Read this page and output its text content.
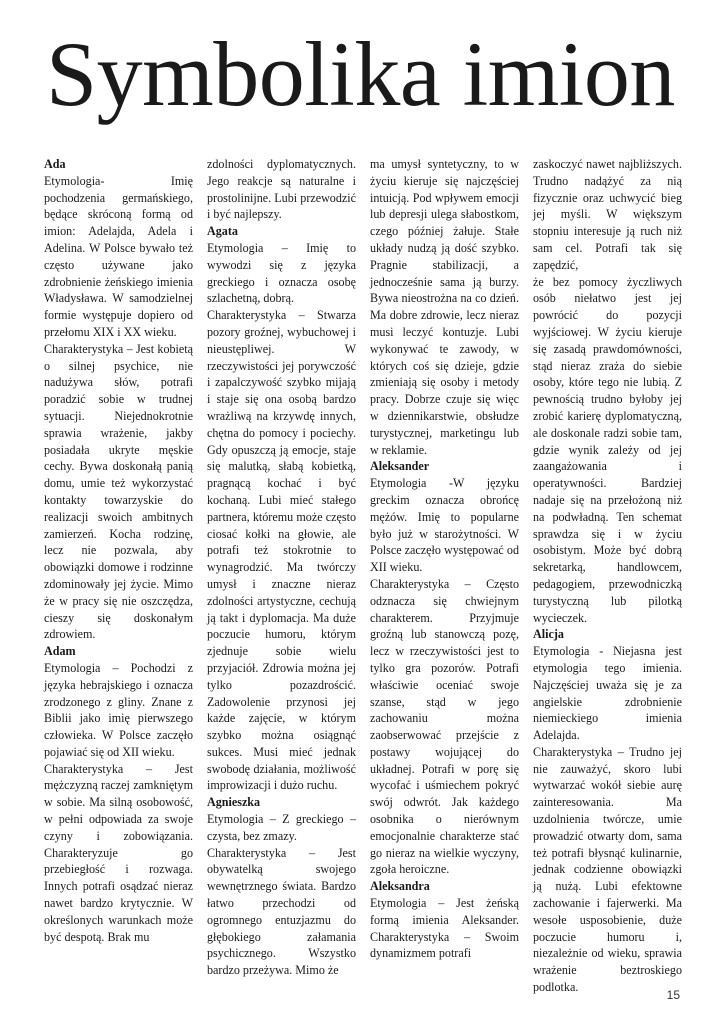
Symbolika imion
Ada

Etymologia- Imię pochodzenia germańskiego, będące skróconą formą od imion: Adelajda, Adela i Adelina. W Polsce bywało też często używane jako zdrobnienie żeńskiego imienia Władysława. W samodzielnej formie występuje dopiero od przełomu XIX i XX wieku.

Charakterystyka – Jest kobietą o silnej psychice, nie nadużywa słów, potrafi poradzić sobie w trudnej sytuacji. Niejednokrotnie sprawia wrażenie, jakby posiadała ukryte męskie cechy. Bywa doskonałą panią domu, umie też wykorzystać kontakty towarzyskie do realizacji swoich ambitnych zamierzeń. Kocha rodzinę, lecz nie pozwala, aby obowiązki domowe i rodzinne zdominowały jej życie. Mimo że w pracy się nie oszczędza, cieszy się doskonałym zdrowiem.

Adam

Etymologia – Pochodzi z języka hebrajskiego i oznacza zrodzonego z gliny. Znane z Biblii jako imię pierwszego człowieka. W Polsce zaczęło pojawiać się od XII wieku.

Charakterystyka – Jest mężczyzną raczej zamkniętym w sobie. Ma silną osobowość, w pełni odpowiada za swoje czyny i zobowiązania. Charakteryzuje go przebiegłość i rozwaga. Innych potrafi osądzać nieraz nawet bardzo krytycznie. W określonych warunkach może być despotą. Brak mu

zdolności dyplomatycznych. Jego reakcje są naturalne i prostolinijne. Lubi przewodzić i być najlepszy.

Agata

Etymologia – Imię to wywodzi się z języka greckiego i oznacza osobę szlachetną, dobrą.

Charakterystyka – Stwarza pozory groźnej, wybuchowej i nieustępliwej. W rzeczywistości jej porywczość i zapalczywość szybko mijają i staje się ona osobą bardzo wrażliwą na krzywdę innych, chętna do pomocy i pociechy. Gdy opuszczą ją emocje, staje się malutką, słabą kobietką, pragnącą kochać i być kochaną. Lubi mieć stałego partnera, któremu może często ciosać kołki na głowie, ale potrafi też stokrotnie to wynagrodzić. Ma twórczy umysł i znaczne nieraz zdolności artystyczne, cechują ją takt i dyplomacja. Ma duże poczucie humoru, którym zjednuje sobie wielu przyjaciół. Zdrowia można jej tylko pozazdrościć. Zadowolenie przynosi jej każde zajęcie, w którym szybko można osiągnąć sukces. Musi mieć jednak swobodę działania, możliwość improwizacji i dużo ruchu.

Agnieszka

Etymologia – Z greckiego – czysta, bez zmazy.

Charakterystyka – Jest obywatelką swojego wewnętrznego świata. Bardzo łatwo przechodzi od ogromnego entuzjazmu do głębokiego załamania psychicznego. Wszystko bardzo przeżywa. Mimo że

ma umysł syntetyczny, to w życiu kieruje się najczęściej intuicją. Pod wpływem emocji lub depresji ulega słabostkom, czego później żałuje. Stałe układy nudzą ją dość szybko. Pragnie stabilizacji, a jednocześnie sama ją burzy. Bywa nieostrożna na co dzień. Ma dobre zdrowie, lecz nieraz musi leczyć kontuzje. Lubi wykonywać te zawody, w których coś się dzieje, gdzie zmieniają się osoby i metody pracy. Dobrze czuje się więc w dziennikarstwie, obsłudze turystycznej, marketingu lub w reklamie.

Aleksander

Etymologia -W języku greckim oznacza obrońcę mężów. Imię to popularne było już w starożytności. W Polsce zaczęło występować od XII wieku.

Charakterystyka – Często odznacza się chwiejnym charakterem. Przyjmuje groźną lub stanowczą pozę, lecz w rzeczywistości jest to tylko gra pozorów. Potrafi właściwie oceniać swoje szanse, stąd w jego zachowaniu można zaobserwować przejście z postawy wojującej do układnej. Potrafi w porę się wycofać i uśmiechem pokryć swój odwrót. Jak każdego osobnika o nierównym emocjonalnie charakterze stać go nieraz na wielkie wyczyny, zgoła heroiczne.

Aleksandra

Etymologia – Jest żeńską formą imienia Aleksander. Charakterystyka – Swoim dynamizmem potrafi

zaskoczyć nawet najbliższych. Trudno nadążyć za nią fizycznie oraz uchwycić bieg jej myśli. W większym stopniu interesuje ją ruch niż sam cel. Potrafi tak się zapędzić,

że bez pomocy życzliwych osób niełatwo jest jej powrócić do pozycji wyjściowej. W życiu kieruje się zasadą prawdomówności, stąd nieraz zraża do siebie osoby, które tego nie lubią. Z pewnością trudno byłoby jej zrobić karierę dyplomatyczną, ale doskonale radzi sobie tam, gdzie wynik zależy od jej zaangażowania i operatywności. Bardziej nadaje się na przełożoną niż na podwładną. Ten schemat sprawdza się i w życiu osobistym. Może być dobrą sekretarką, handlowcem, pedagogiem, przewodniczką turystyczną lub pilotką wycieczek.

Alicja

Etymologia - Niejasna jest etymologia tego imienia. Najczęściej uważa się je za angielskie zdrobnienie niemieckiego imienia Adelajda.

Charakterystyka – Trudno jej nie zauważyć, skoro lubi wytwarzać wokół siebie aurę zainteresowania. Ma uzdolnienia twórcze, umie prowadzić otwarty dom, sama też potrafi błysnąć kulinarnie, jednak codzienne obowiązki ją nużą. Lubi efektowne zachowanie i fajerwerki. Ma wesołe usposobienie, duże poczucie humoru i, niezależnie od wieku, sprawia wrażenie beztroskiego podlotka.

15
